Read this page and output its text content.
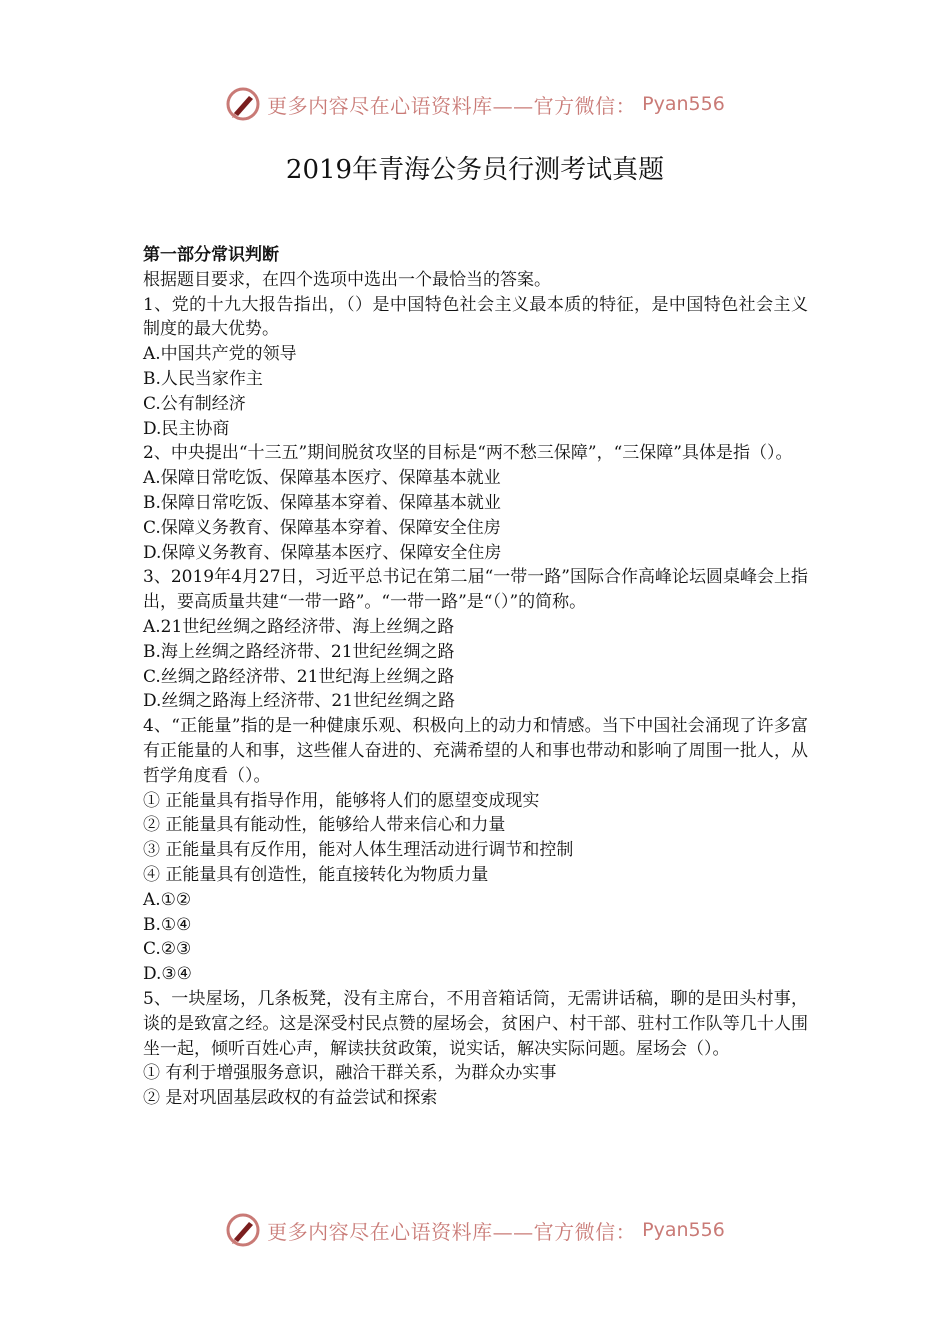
更多内容尽在心语资料库——官方微信： Pyan556
2019年青海公务员行测考试真题

第一部分常识判断

根据题目要求，在四个选项中选出一个最恰当的答案。

1、党的十九大报告指出，（）是中国特色社会主义最本质的特征，是中国特色社会主义制度的最大优势。

A.中国共产党的领导

B.人民当家作主

C.公有制经济

D.民主协商

2、中央提出“十三五”期间脱贫攻坚的目标是“两不愁三保障”，“三保障”具体是指（）。

A.保障日常吃饭、保障基本医疗、保障基本就业

B.保障日常吃饭、保障基本穿着、保障基本就业

C.保障义务教育、保障基本穿着、保障安全住房

D.保障义务教育、保障基本医疗、保障安全住房

3、2019年4月27日，习近平总书记在第二届“一带一路”国际合作高峰论坛圆桌峰会上指出，要高质量共建“一带一路”。“一带一路”是“（）”的简称。

A.21世纪丝绸之路经济带、海上丝绸之路

B.海上丝绸之路经济带、21世纪丝绸之路

C.丝绸之路经济带、21世纪海上丝绸之路

D.丝绸之路海上经济带、21世纪丝绸之路

4、“正能量”指的是一种健康乐观、积极向上的动力和情感。当下中国社会涌现了许多富有正能量的人和事，这些催人奋进的、充满希望的人和事也带动和影响了周围一批人，从哲学角度看（）。

① 正能量具有指导作用，能够将人们的愿望变成现实

② 正能量具有能动性，能够给人带来信心和力量

③ 正能量具有反作用，能对人体生理活动进行调节和控制

④ 正能量具有创造性，能直接转化为物质力量

A.①②

B.①④

C.②③

D.③④

5、一块屋场，几条板凳，没有主席台，不用音箱话筒，无需讲话稿，聊的是田头村事，谈的是致富之经。这是深受村民点赞的屋场会，贫困户、村干部、驻村工作队等几十人围坐一起，倾听百姓心声，解读扶贫政策，说实话，解决实际问题。屋场会（）。

① 有利于增强服务意识，融洽干群关系，为群众办实事

② 是对巩固基层政权的有益尝试和探索

更多内容尽在心语资料库——官方微信： Pyan556
